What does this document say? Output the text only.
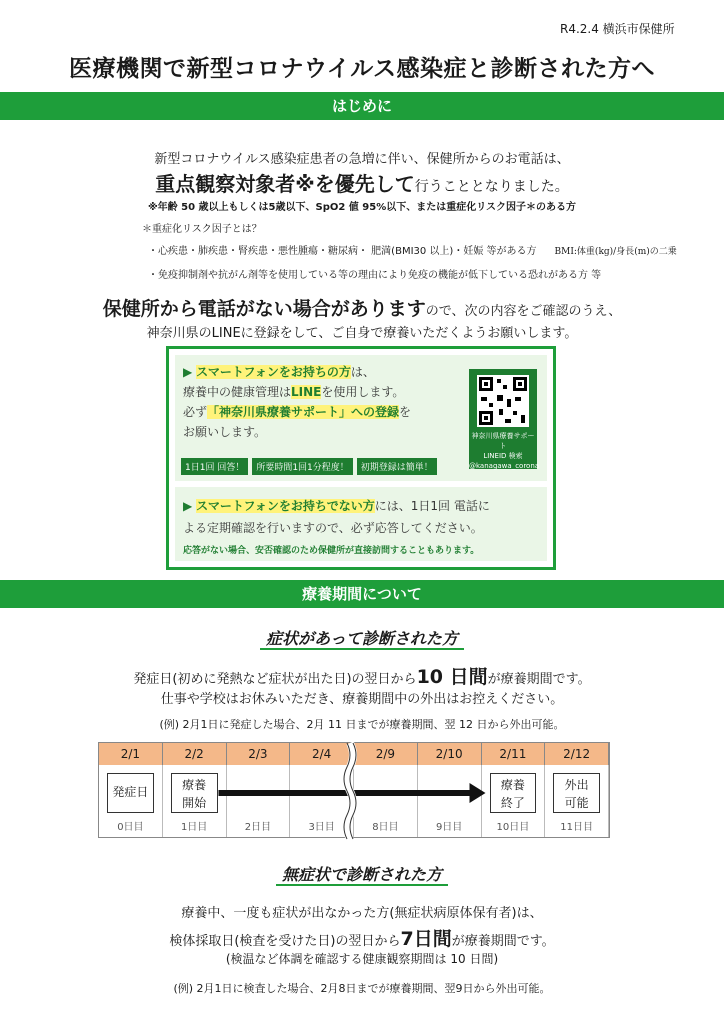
R4.2.4 横浜市保健所
医療機関で新型コロナウイルス感染症と診断された方へ
はじめに
新型コロナウイルス感染症患者の急増に伴い、保健所からのお電話は、
重点観察対象者※を優先して行うこととなりました。
※年齢 50 歳以上もしくは5歳以下、SpO2 値 95%以下、または重症化リスク因子＊のある方
＊重症化リスク因子とは？
・心疾患・肺疾患・腎疾患・悪性腫瘍・糖尿病・ 肥満(BMI30 以上)・妊娠 等がある方 BMI:体重(kg)/身長(m)の二乗
・免疫抑制剤や抗がん剤等を使用している等の理由により免疫の機能が低下している恐れがある方 等
保健所から電話がない場合がありますので、次の内容をご確認のうえ、
神奈川県のLINEに登録をして、ご自身で療養いただくようお願いします。
▶ スマートフォンをお持ちの方は、
療養中の健康管理はLINEを使用します。
必ず「神奈川県療養サポート」への登録を
お願いします。
1日1回 回答！ 所要時間1回1分程度！ 初期登録は簡単！
神奈川県療養サポート
LINEID 検索
@kanagawa_corona
▶ スマートフォンをお持ちでない方には、1日1回 電話に
よる定期確認を行いますので、必ず応答してください。
応答がない場合、安否確認のため保健所が直接訪問することもあります。
療養期間について
症状があって診断された方
発症日(初めに発熱など症状が出た日)の翌日から10 日間が療養期間です。
仕事や学校はお休みいただき、療養期間中の外出はお控えください。
(例) 2月1日に発症した場合、2月 11 日までが療養期間、翌 12 日から外出可能。
2/1
発症日
0日目
2/2
療養
開始
1日目
2/3
2日目
2/4
3日目
2/9
8日目
2/10
9日目
2/11
療養
終了
10日目
2/12
外出
可能
11日目
無症状で診断された方
療養中、一度も症状が出なかった方(無症状病原体保有者)は、
検体採取日(検査を受けた日)の翌日から7日間が療養期間です。
(検温など体調を確認する健康観察期間は 10 日間)
(例) 2月1日に検査した場合、2月8日までが療養期間、翌9日から外出可能。
